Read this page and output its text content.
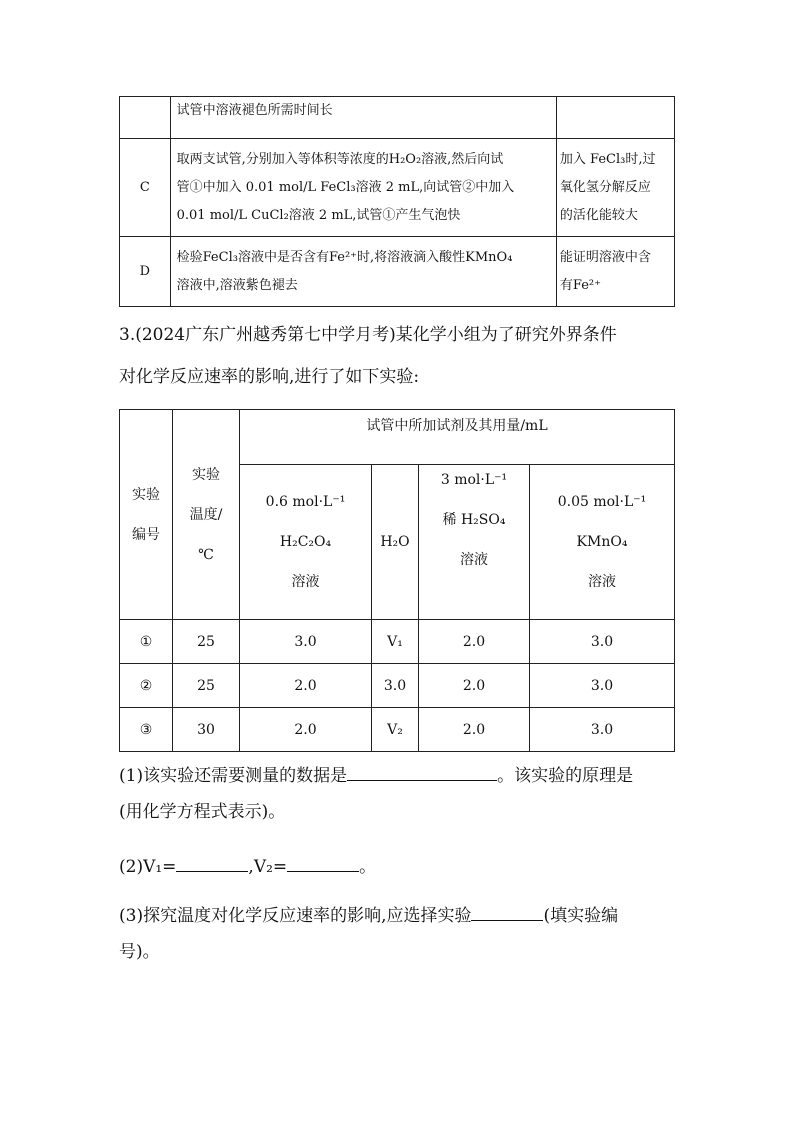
	试管中溶液褪色所需时间长	

C	取两支试管,分别加入等体积等浓度的H₂O₂溶液,然后向试
管①中加入 0.01 mol/L FeCl₃溶液 2 mL,向试管②中加入
0.01 mol/L CuCl₂溶液 2 mL,试管①产生气泡快	加入 FeCl₃时,过
氧化氢分解反应
的活化能较大

D	检验FeCl₃溶液中是否含有Fe²⁺时,将溶液滴入酸性KMnO₄
溶液中,溶液紫色褪去	能证明溶液中含
有Fe²⁺
3.(2024广东广州越秀第七中学月考)某化学小组为了研究外界条件
对化学反应速率的影响,进行了如下实验:
实验
编号	实验
温度/
℃	试管中所加试剂及其用量/mL			

		0.6 mol·L⁻¹
H₂C₂O₄
溶液	H₂O	3 mol·L⁻¹
稀 H₂SO₄
溶液	0.05 mol·L⁻¹
KMnO₄
溶液

①	25	3.0	V₁	2.0	3.0
②	25	2.0	3.0	2.0	3.0
③	30	2.0	V₂	2.0	3.0
(1)该实验还需要测量的数据是	。该实验的原理是
(用化学方程式表示)。
(2)V₁=	,V₂=	。
(3)探究温度对化学反应速率的影响,应选择实验	(填实验编
号)。
